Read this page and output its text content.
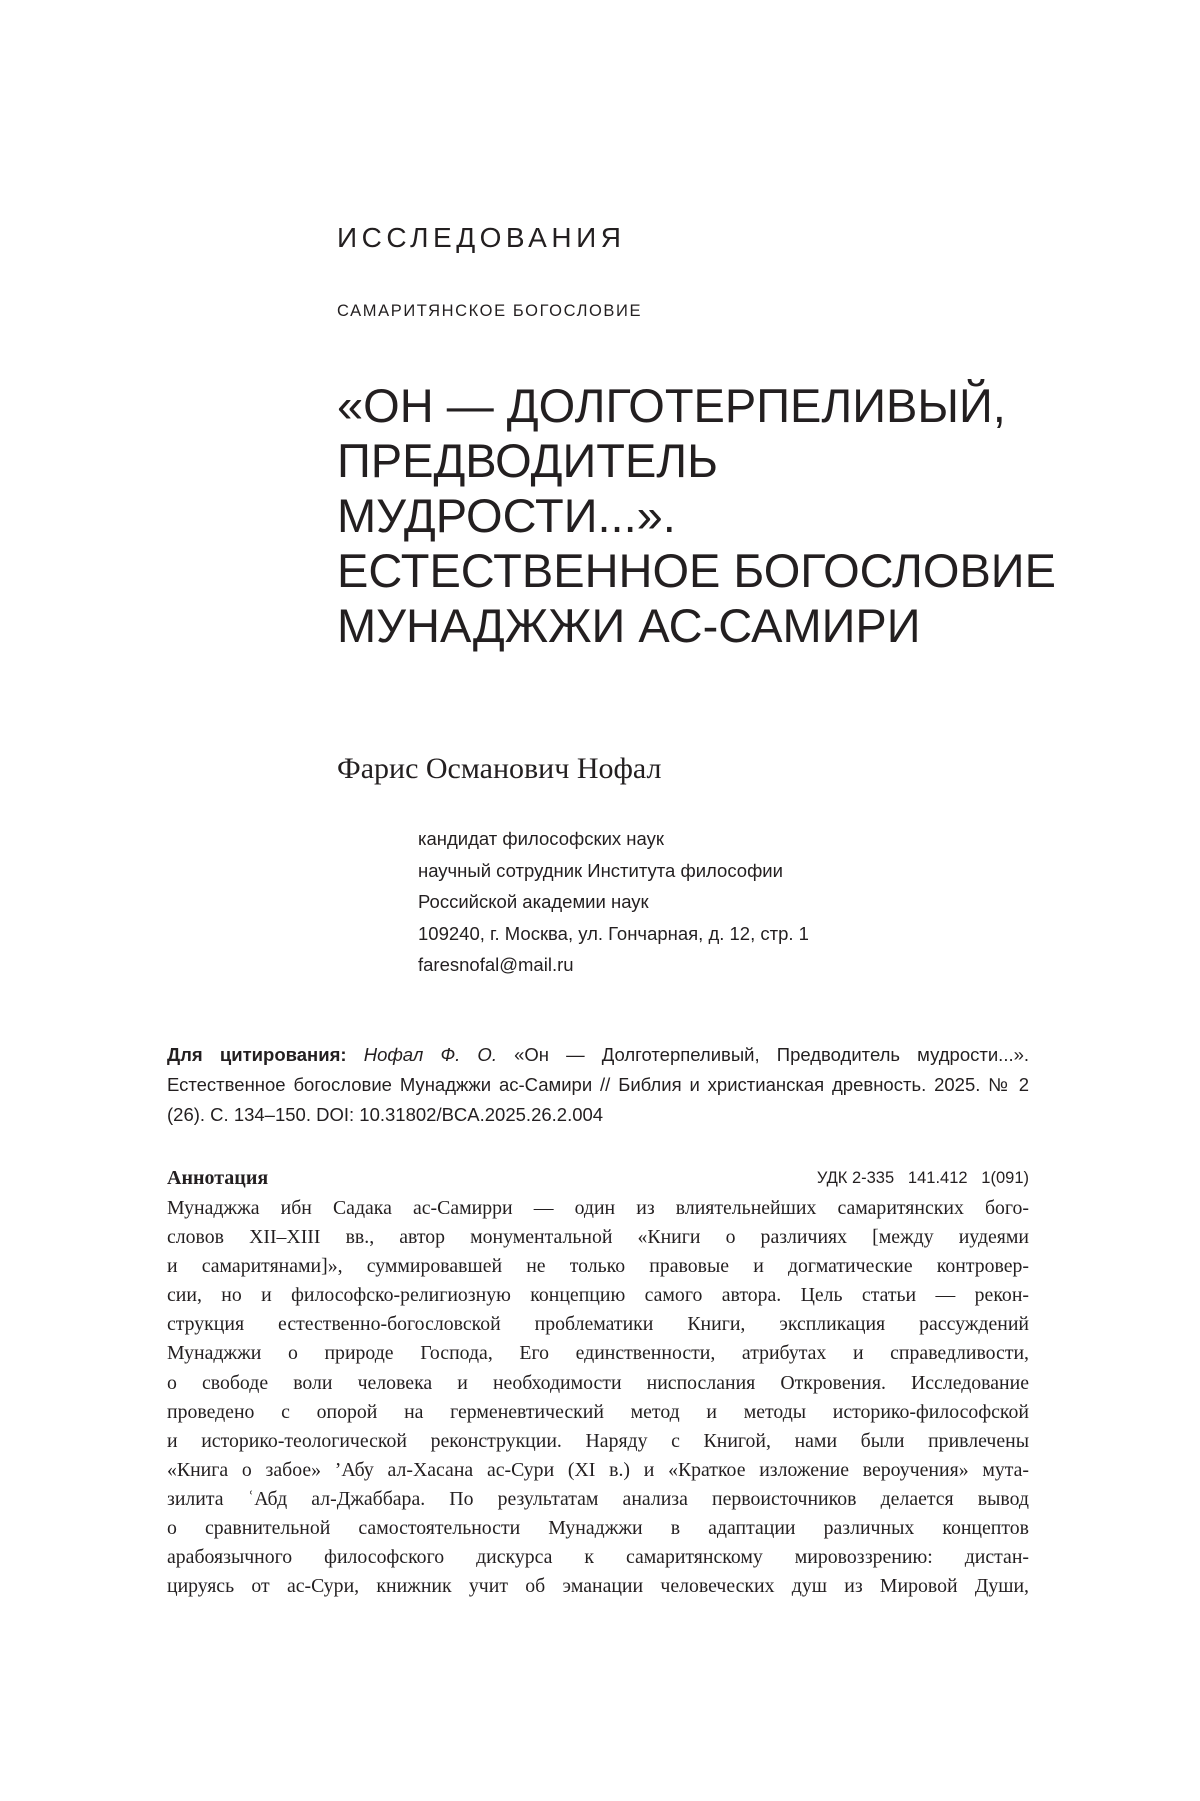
ИССЛЕДОВАНИЯ
САМАРИТЯНСКОЕ БОГОСЛОВИЕ
«ОН — ДОЛГОТЕРПЕЛИВЫЙ,
ПРЕДВОДИТЕЛЬ
МУДРОСТИ...».
ЕСТЕСТВЕННОЕ БОГОСЛОВИЕ
МУНАДЖЖИ АС-САМИРИ
Фарис Османович Нофал
кандидат философских наук
научный сотрудник Института философии
Российской академии наук
109240, г. Москва, ул. Гончарная, д. 12, стр. 1
faresnofal@mail.ru
Для цитирования: Нофал Ф. О. «Он — Долготерпеливый, Предводитель мудрости...». Естественное богословие Мунаджжи ас-Самири // Библия и христианская древность. 2025. № 2 (26). С. 134–150. DOI: 10.31802/BCA.2025.26.2.004
Аннотация	УДК 2-335   141.412   1(091)
Мунаджжа ибн Садака ас-Самирри — один из влиятельнейших самаритянских бого-
словов XII–XIII вв., автор монументальной «Книги о различиях [между иудеями
и самаритянами]», суммировавшей не только правовые и догматические контровер-
сии, но и философско-религиозную концепцию самого автора. Цель статьи — рекон-
струкция естественно-богословской проблематики Книги, экспликация рассуждений
Мунаджжи о природе Господа, Его единственности, атрибутах и справедливости,
о свободе воли человека и необходимости ниспослания Откровения. Исследование
проведено с опорой на герменевтический метод и методы историко-философской
и историко-теологической реконструкции. Наряду с Книгой, нами были привлечены
«Книга о забое» ’Абу ал-Хасана ас-Сури (XI в.) и «Краткое изложение вероучения» мута-
зилита ʿАбд ал-Джаббара. По результатам анализа первоисточников делается вывод
о сравнительной самостоятельности Мунаджжи в адаптации различных концептов
арабоязычного философского дискурса к самаритянскому мировоззрению: дистан-
цируясь от ас-Сури, книжник учит об эманации человеческих душ из Мировой Души,
